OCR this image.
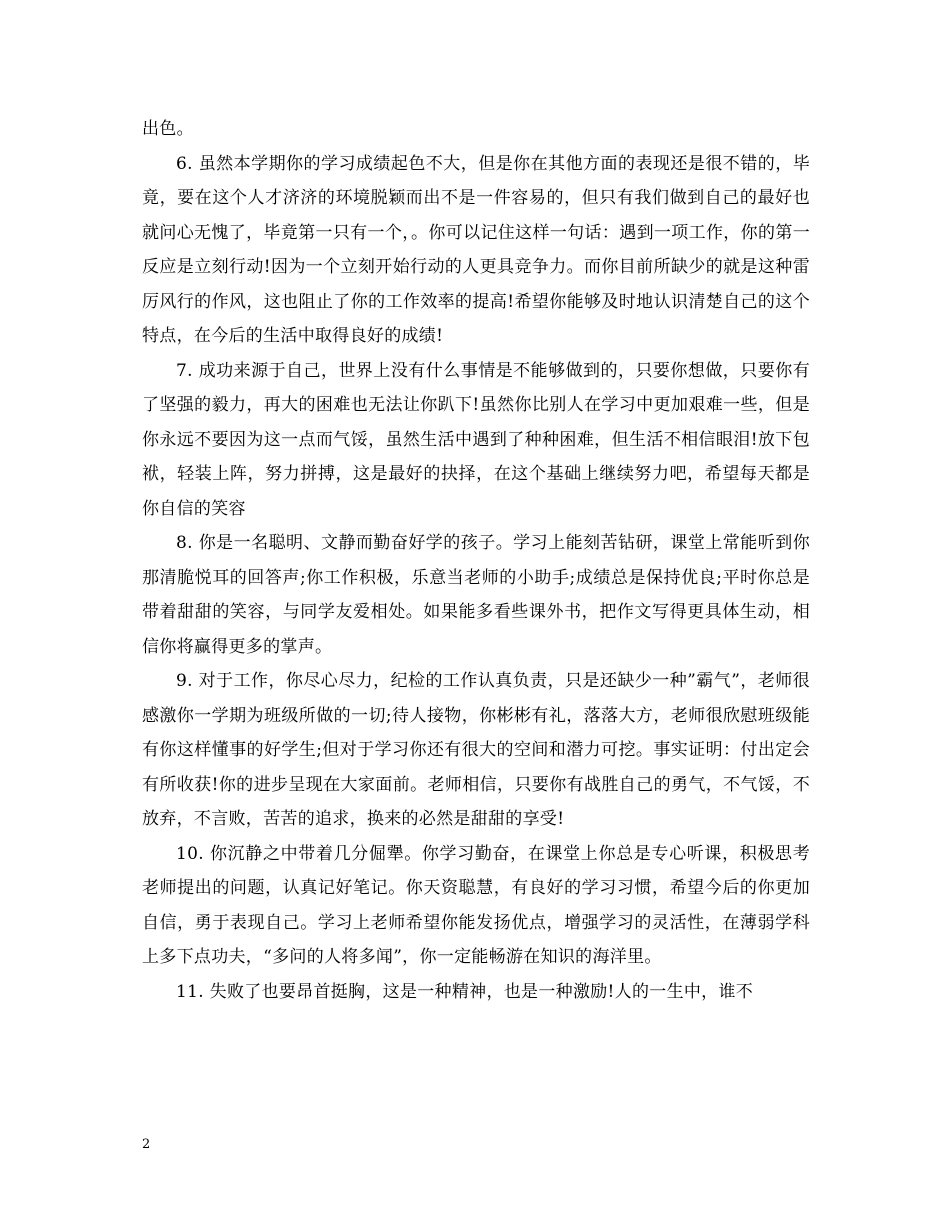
出色。

6. 虽然本学期你的学习成绩起色不大，但是你在其他方面的表现还是很不错的，毕竟，要在这个人才济济的环境脱颖而出不是一件容易的，但只有我们做到自己的最好也就问心无愧了，毕竟第一只有一个，。你可以记住这样一句话：遇到一项工作，你的第一反应是立刻行动!因为一个立刻开始行动的人更具竞争力。而你目前所缺少的就是这种雷厉风行的作风，这也阻止了你的工作效率的提高!希望你能够及时地认识清楚自己的这个特点，在今后的生活中取得良好的成绩!

7. 成功来源于自己，世界上没有什么事情是不能够做到的，只要你想做，只要你有了坚强的毅力，再大的困难也无法让你趴下!虽然你比别人在学习中更加艰难一些，但是你永远不要因为这一点而气馁，虽然生活中遇到了种种困难，但生活不相信眼泪!放下包袱，轻装上阵，努力拼搏，这是最好的抉择，在这个基础上继续努力吧，希望每天都是你自信的笑容

8. 你是一名聪明、文静而勤奋好学的孩子。学习上能刻苦钻研，课堂上常能听到你那清脆悦耳的回答声;你工作积极，乐意当老师的小助手;成绩总是保持优良;平时你总是带着甜甜的笑容，与同学友爱相处。如果能多看些课外书，把作文写得更具体生动，相信你将赢得更多的掌声。

9. 对于工作，你尽心尽力，纪检的工作认真负责，只是还缺少一种”霸气”，老师很感激你一学期为班级所做的一切;待人接物，你彬彬有礼，落落大方，老师很欣慰班级能有你这样懂事的好学生;但对于学习你还有很大的空间和潜力可挖。事实证明：付出定会有所收获!你的进步呈现在大家面前。老师相信，只要你有战胜自己的勇气，不气馁，不放弃，不言败，苦苦的追求，换来的必然是甜甜的享受!

10. 你沉静之中带着几分倔犟。你学习勤奋，在课堂上你总是专心听课，积极思考老师提出的问题，认真记好笔记。你天资聪慧，有良好的学习习惯，希望今后的你更加自信，勇于表现自己。学习上老师希望你能发扬优点，增强学习的灵活性，在薄弱学科上多下点功夫，“多问的人将多闻”，你一定能畅游在知识的海洋里。

11. 失败了也要昂首挺胸，这是一种精神，也是一种激励!人的一生中，谁不

2
